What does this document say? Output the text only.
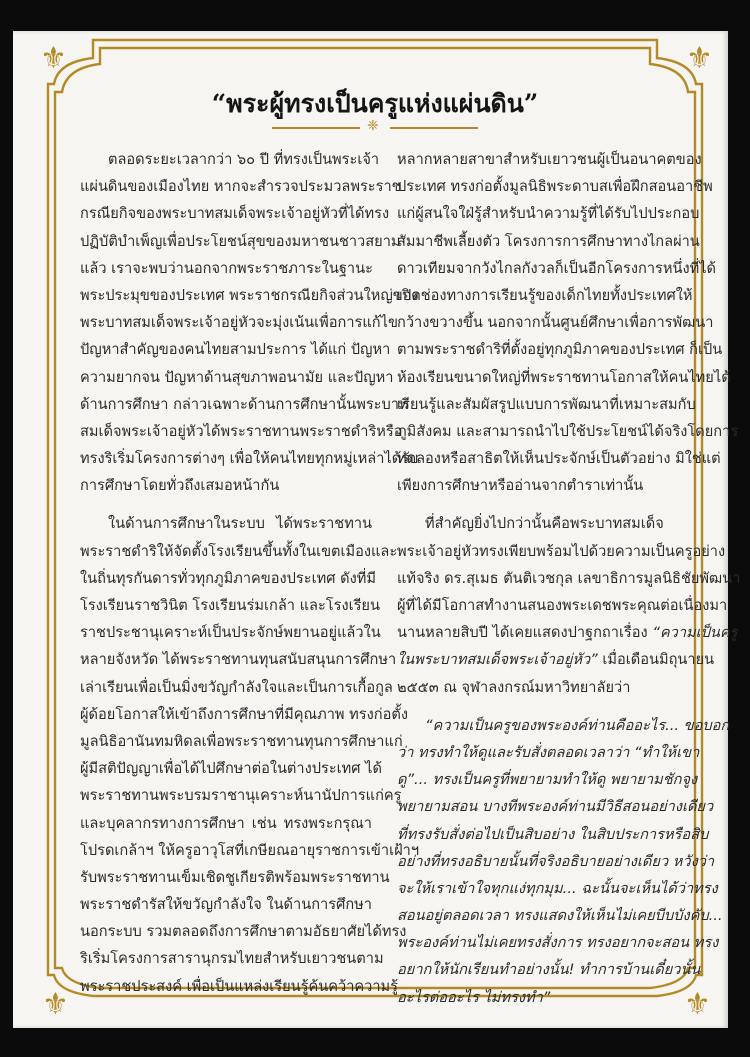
⚜	⚜
⚜	⚜
“พระผู้ทรงเป็นครูแห่งแผ่นดิน”
❈
ตลอดระยะเวลากว่า ๖๐ ปี ที่ทรงเป็นพระเจ้า
แผ่นดินของเมืองไทย หากจะสำรวจประมวลพระราช
กรณียกิจของพระบาทสมเด็จพระเจ้าอยู่หัวที่ได้ทรง
ปฏิบัติบำเพ็ญเพื่อประโยชน์สุขของมหาชนชาวสยาม
แล้ว เราจะพบว่านอกจากพระราชภาระในฐานะ
พระประมุขของประเทศ พระราชกรณียกิจส่วนใหญ่ของ
พระบาทสมเด็จพระเจ้าอยู่หัวจะมุ่งเน้นเพื่อการแก้ไข
ปัญหาสำคัญของคนไทยสามประการ ได้แก่ ปัญหา
ความยากจน ปัญหาด้านสุขภาพอนามัย และปัญหา
ด้านการศึกษา กล่าวเฉพาะด้านการศึกษานั้นพระบาท
สมเด็จพระเจ้าอยู่หัวได้พระราชทานพระราชดำริหรือ
ทรงริเริ่มโครงการต่างๆ เพื่อให้คนไทยทุกหมู่เหล่าได้รับ
การศึกษาโดยทั่วถึงเสมอหน้ากัน
ในด้านการศึกษาในระบบ ได้พระราชทาน
พระราชดำริให้จัดตั้งโรงเรียนขึ้นทั้งในเขตเมืองและ
ในถิ่นทุรกันดารทั่วทุกภูมิภาคของประเทศ ดังที่มี
โรงเรียนราชวินิต โรงเรียนร่มเกล้า และโรงเรียน
ราชประชานุเคราะห์เป็นประจักษ์พยานอยู่แล้วใน
หลายจังหวัด ได้พระราชทานทุนสนับสนุนการศึกษา
เล่าเรียนเพื่อเป็นมิ่งขวัญกำลังใจและเป็นการเกื้อกูล
ผู้ด้อยโอกาสให้เข้าถึงการศึกษาที่มีคุณภาพ ทรงก่อตั้ง
มูลนิธิอานันทมหิดลเพื่อพระราชทานทุนการศึกษาแก่
ผู้มีสติปัญญาเพื่อได้ไปศึกษาต่อในต่างประเทศ ได้
พระราชทานพระบรมราชานุเคราะห์นานัปการแก่ครู
และบุคลากรทางการศึกษา เช่น ทรงพระกรุณา
โปรดเกล้าฯ ให้ครูอาวุโสที่เกษียณอายุราชการเข้าเฝ้าฯ
รับพระราชทานเข็มเชิดชูเกียรติพร้อมพระราชทาน
พระราชดำรัสให้ขวัญกำลังใจ ในด้านการศึกษา
นอกระบบ รวมตลอดถึงการศึกษาตามอัธยาศัยได้ทรง
ริเริ่มโครงการสารานุกรมไทยสำหรับเยาวชนตาม
พระราชประสงค์ เพื่อเป็นแหล่งเรียนรู้ค้นคว้าความรู้
หลากหลายสาขาสำหรับเยาวชนผู้เป็นอนาคตของ
ประเทศ ทรงก่อตั้งมูลนิธิพระดาบสเพื่อฝึกสอนอาชีพ
แก่ผู้สนใจใฝ่รู้สำหรับนำความรู้ที่ได้รับไปประกอบ
สัมมาชีพเลี้ยงตัว โครงการการศึกษาทางไกลผ่าน
ดาวเทียมจากวังไกลกังวลก็เป็นอีกโครงการหนึ่งที่ได้
เปิดช่องทางการเรียนรู้ของเด็กไทยทั้งประเทศให้
กว้างขวางขึ้น นอกจากนั้นศูนย์ศึกษาเพื่อการพัฒนา
ตามพระราชดำริที่ตั้งอยู่ทุกภูมิภาคของประเทศ ก็เป็น
ห้องเรียนขนาดใหญ่ที่พระราชทานโอกาสให้คนไทยได้
เรียนรู้และสัมผัสรูปแบบการพัฒนาที่เหมาะสมกับ
ภูมิสังคม และสามารถนำไปใช้ประโยชน์ได้จริงโดยการ
ทดลองหรือสาธิตให้เห็นประจักษ์เป็นตัวอย่าง มิใช่แต่
เพียงการศึกษาหรืออ่านจากตำราเท่านั้น
ที่สำคัญยิ่งไปกว่านั้นคือพระบาทสมเด็จ
พระเจ้าอยู่หัวทรงเพียบพร้อมไปด้วยความเป็นครูอย่าง
แท้จริง ดร.สุเมธ ตันติเวชกุล เลขาธิการมูลนิธิชัยพัฒนา
ผู้ที่ได้มีโอกาสทำงานสนองพระเดชพระคุณต่อเนื่องมา
นานหลายสิบปี ได้เคยแสดงปาฐกถาเรื่อง “ความเป็นครู
ในพระบาทสมเด็จพระเจ้าอยู่หัว” เมื่อเดือนมิถุนายน
๒๕๕๓ ณ จุฬาลงกรณ์มหาวิทยาลัยว่า
“ความเป็นครูของพระองค์ท่านคืออะไร... ขอบอก
ว่า ทรงทำให้ดูและรับสั่งตลอดเวลาว่า “ทำให้เขา
ดู”... ทรงเป็นครูที่พยายามทำให้ดู พยายามชักจูง
พยายามสอน บางทีพระองค์ท่านมีวิธีสอนอย่างเดียว
ที่ทรงรับสั่งต่อไปเป็นสิบอย่าง ในสิบประการหรือสิบ
อย่างที่ทรงอธิบายนั้นที่จริงอธิบายอย่างเดียว หวังว่า
จะให้เราเข้าใจทุกแง่ทุกมุม... ฉะนั้นจะเห็นได้ว่าทรง
สอนอยู่ตลอดเวลา ทรงแสดงให้เห็นไม่เคยบีบบังคับ...
พระองค์ท่านไม่เคยทรงสั่งการ ทรงอยากจะสอน ทรง
อยากให้นักเรียนทำอย่างนั้น! ทำการบ้านเดี๋ยวนั้น
อะไรต่ออะไร ไม่ทรงทำ”
